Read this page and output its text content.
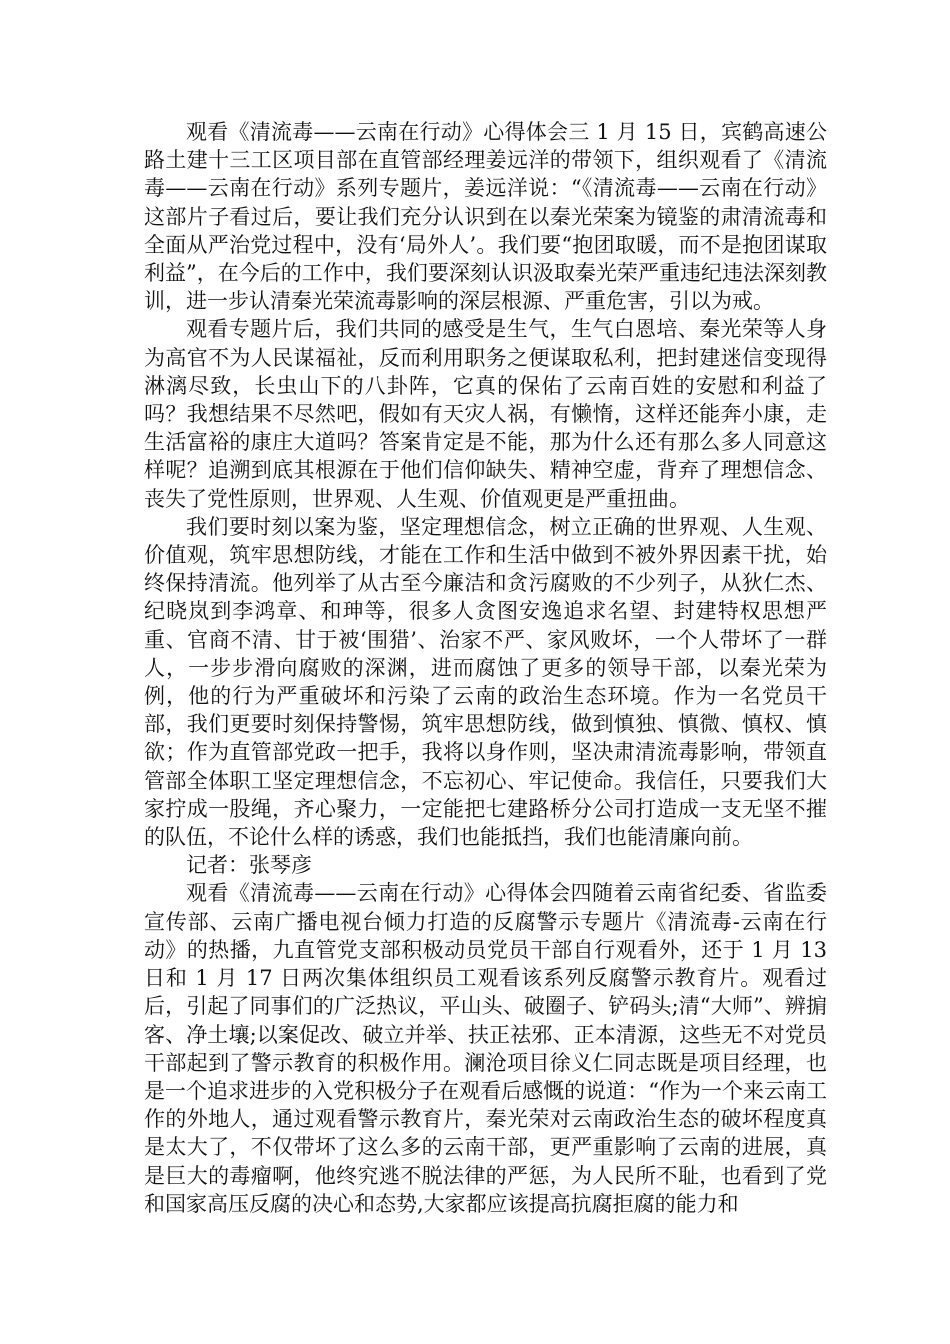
观看《清流毒——云南在行动》心得体会三 1 月 15 日，宾鹤高速公路土建十三工区项目部在直管部经理姜远洋的带领下，组织观看了《清流毒——云南在行动》系列专题片，姜远洋说：“《清流毒——云南在行动》这部片子看过后，要让我们充分认识到在以秦光荣案为镜鉴的肃清流毒和全面从严治党过程中，没有‘局外人’。我们要“抱团取暖，而不是抱团谋取利益”，在今后的工作中，我们要深刻认识汲取秦光荣严重违纪违法深刻教训，进一步认清秦光荣流毒影响的深层根源、严重危害，引以为戒。

观看专题片后，我们共同的感受是生气，生气白恩培、秦光荣等人身为高官不为人民谋福祉，反而利用职务之便谋取私利，把封建迷信变现得淋漓尽致，长虫山下的八卦阵，它真的保佑了云南百姓的安慰和利益了吗？我想结果不尽然吧，假如有天灾人祸，有懒惰，这样还能奔小康，走生活富裕的康庄大道吗？答案肯定是不能，那为什么还有那么多人同意这样呢？追溯到底其根源在于他们信仰缺失、精神空虚，背弃了理想信念、丧失了党性原则，世界观、人生观、价值观更是严重扭曲。

我们要时刻以案为鉴，坚定理想信念，树立正确的世界观、人生观、价值观，筑牢思想防线，才能在工作和生活中做到不被外界因素干扰，始终保持清流。他列举了从古至今廉洁和贪污腐败的不少列子，从狄仁杰、纪晓岚到李鸿章、和珅等，很多人贪图安逸追求名望、封建特权思想严重、官商不清、甘于被‘围猎’、治家不严、家风败坏，一个人带坏了一群人，一步步滑向腐败的深渊，进而腐蚀了更多的领导干部，以秦光荣为例，他的行为严重破坏和污染了云南的政治生态环境。作为一名党员干部，我们更要时刻保持警惕，筑牢思想防线，做到慎独、慎微、慎权、慎欲；作为直管部党政一把手，我将以身作则，坚决肃清流毒影响，带领直管部全体职工坚定理想信念，不忘初心、牢记使命。我信任，只要我们大家拧成一股绳，齐心聚力，一定能把七建路桥分公司打造成一支无坚不摧的队伍，不论什么样的诱惑，我们也能抵挡，我们也能清廉向前。

记者：张琴彦

观看《清流毒——云南在行动》心得体会四随着云南省纪委、省监委宣传部、云南广播电视台倾力打造的反腐警示专题片《清流毒-云南在行动》的热播，九直管党支部积极动员党员干部自行观看外，还于 1 月 13 日和 1 月 17 日两次集体组织员工观看该系列反腐警示教育片。观看过后，引起了同事们的广泛热议，平山头、破圈子、铲码头;清“大师”、辨掮客、净土壤;以案促改、破立并举、扶正祛邪、正本清源，这些无不对党员干部起到了警示教育的积极作用。澜沧项目徐义仁同志既是项目经理，也是一个追求进步的入党积极分子在观看后感慨的说道：“作为一个来云南工作的外地人，通过观看警示教育片，秦光荣对云南政治生态的破坏程度真是太大了，不仅带坏了这么多的云南干部，更严重影响了云南的进展，真是巨大的毒瘤啊，他终究逃不脱法律的严惩，为人民所不耻，也看到了党和国家高压反腐的决心和态势,大家都应该提高抗腐拒腐的能力和
